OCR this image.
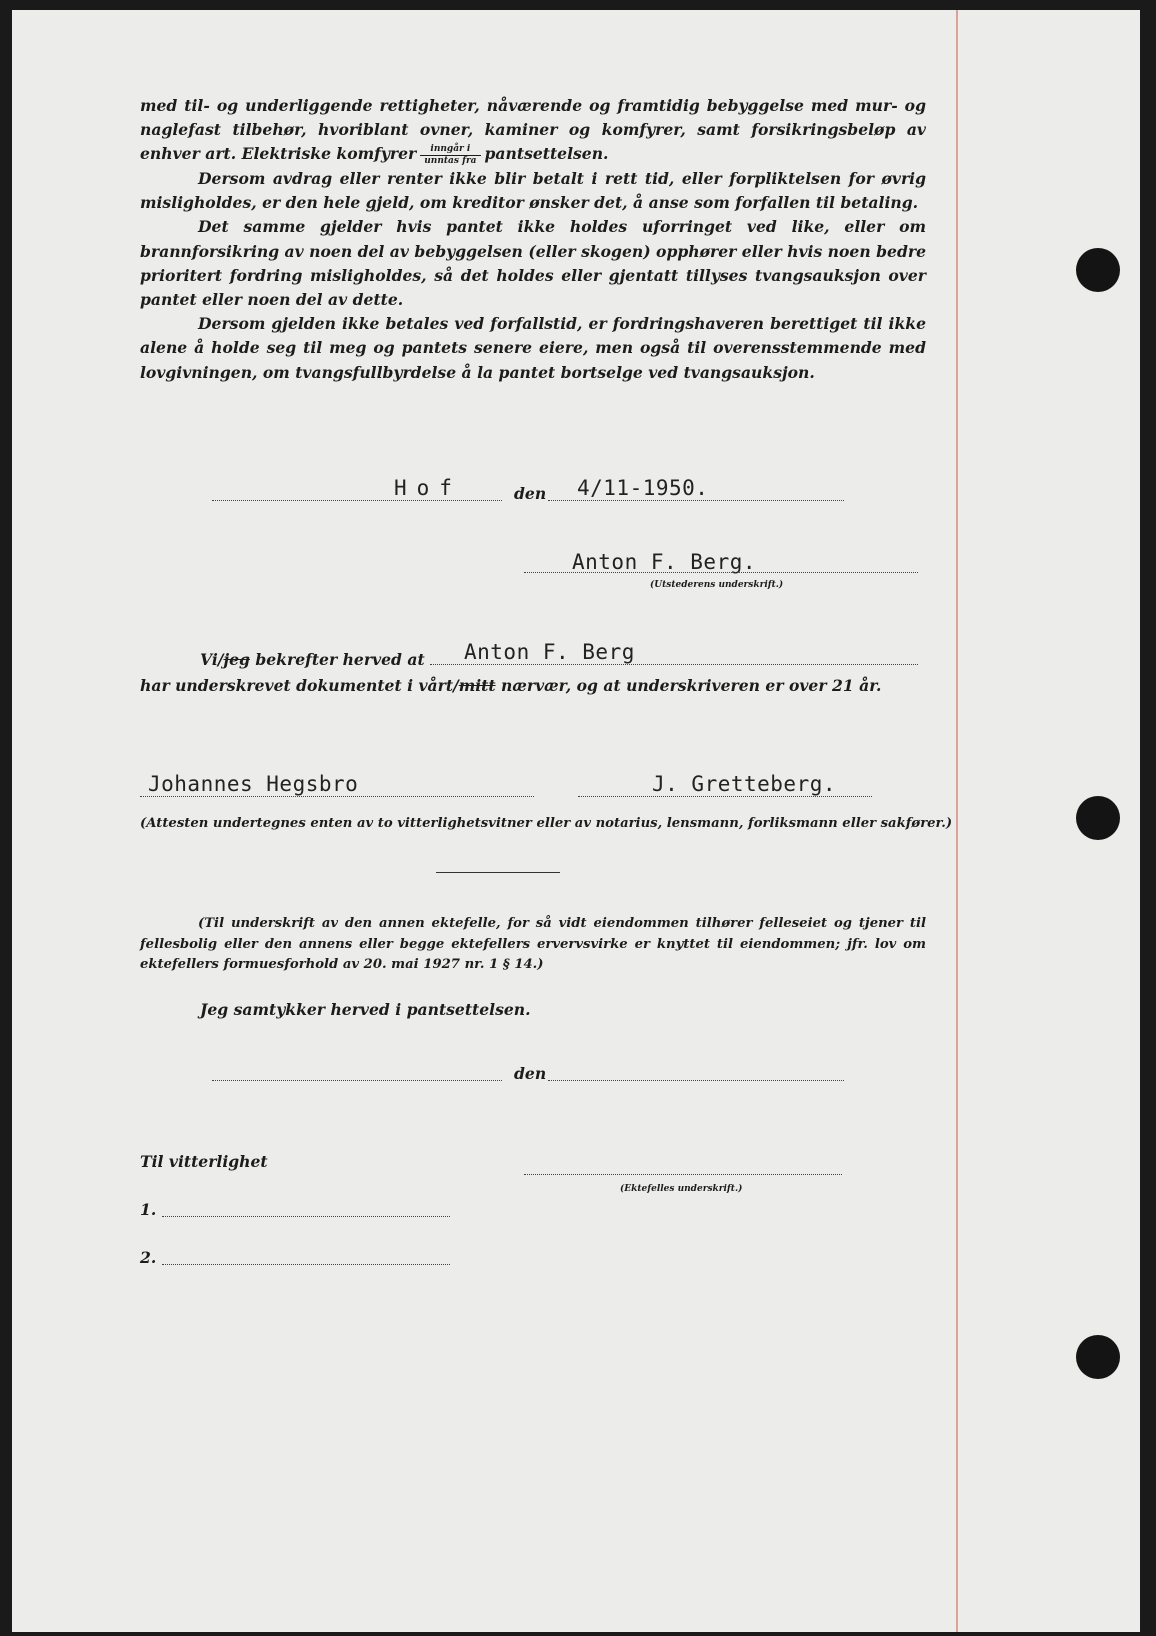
med til- og underliggende rettigheter, nåværende og framtidig bebyggelse med mur- og naglefast tilbehør, hvoriblant ovner, kaminer og komfyrer, samt forsikringsbeløp av enhver art. Elektriske komfyrer $\frac{\text{inngår i}}{\text{unntas fra}}$ pantsettelsen.

Dersom avdrag eller renter ikke blir betalt i rett tid, eller forpliktelsen for øvrig misligholdes, er den hele gjeld, om kreditor ønsker det, å anse som forfallen til betaling.

Det samme gjelder hvis pantet ikke holdes uforringet ved like, eller om brannforsikring av noen del av bebyggelsen (eller skogen) opphører eller hvis noen bedre prioritert fordring misligholdes, så det holdes eller gjentatt tillyses tvangsauksjon over pantet eller noen del av dette.

Dersom gjelden ikke betales ved forfallstid, er fordringshaveren berettiget til ikke alene å holde seg til meg og pantets senere eiere, men også til overensstemmende med lovgivningen, om tvangsfullbyrdelse å la pantet bortselge ved tvangsauksjon.

Hof	den 4/11-1950.
Anton F. Berg.
(Utstederens underskrift.)
Vi/jeg bekrefter herved at Anton F. Berg
har underskrevet dokumentet i vårt/mitt nærvær, og at underskriveren er over 21 år.
Johannes Hegsbro	J. Gretteberg.
(Attesten undertegnes enten av to vitterlighetsvitner eller av notarius, lensmann, forliksmann eller sakfører.)

(Til underskrift av den annen ektefelle, for så vidt eiendommen tilhører felleseiet og tjener til fellesbolig eller den annens eller begge ektefellers ervervsvirke er knyttet til eiendommen; jfr. lov om ektefellers formuesforhold av 20. mai 1927 nr. 1 § 14.)

Jeg samtykker herved i pantsettelsen.
den
Til vitterlighet
(Ektefelles underskrift.)
1.
2.
